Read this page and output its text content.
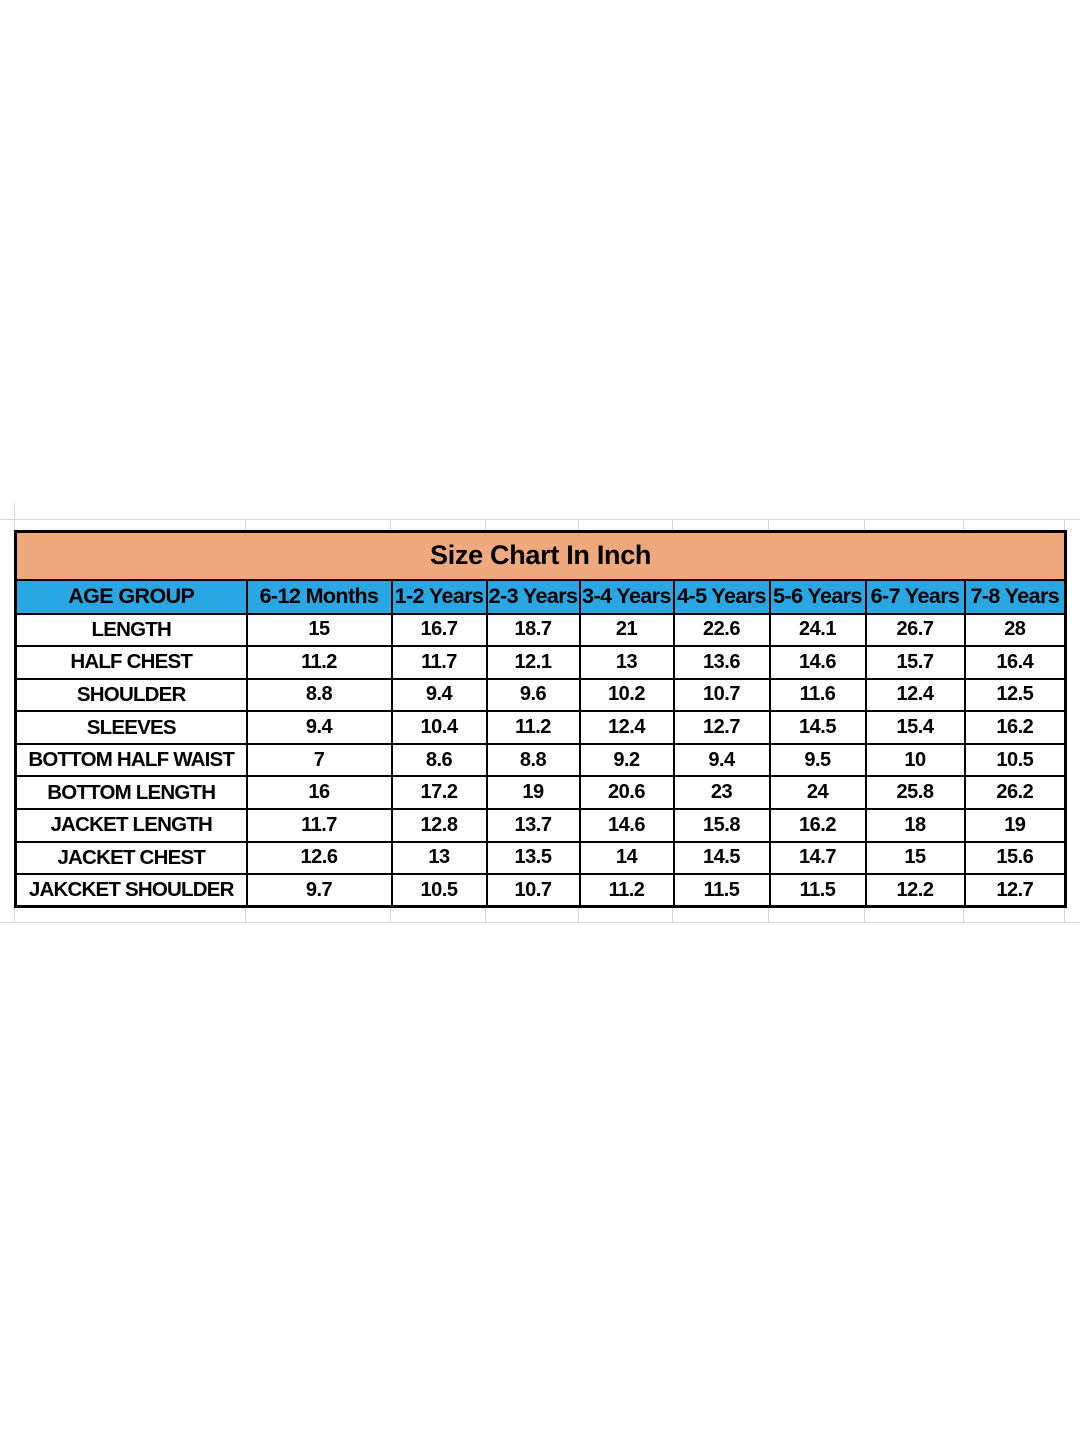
Size Chart In Inch								
AGE GROUP	6-12 Months	1-2 Years	2-3 Years	3-4 Years	4-5 Years	5-6 Years	6-7 Years	7-8 Years
LENGTH	15	16.7	18.7	21	22.6	24.1	26.7	28
HALF CHEST	11.2	11.7	12.1	13	13.6	14.6	15.7	16.4
SHOULDER	8.8	9.4	9.6	10.2	10.7	11.6	12.4	12.5
SLEEVES	9.4	10.4	11.2	12.4	12.7	14.5	15.4	16.2
BOTTOM HALF WAIST	7	8.6	8.8	9.2	9.4	9.5	10	10.5
BOTTOM LENGTH	16	17.2	19	20.6	23	24	25.8	26.2
JACKET LENGTH	11.7	12.8	13.7	14.6	15.8	16.2	18	19
JACKET CHEST	12.6	13	13.5	14	14.5	14.7	15	15.6
JAKCKET SHOULDER	9.7	10.5	10.7	11.2	11.5	11.5	12.2	12.7
